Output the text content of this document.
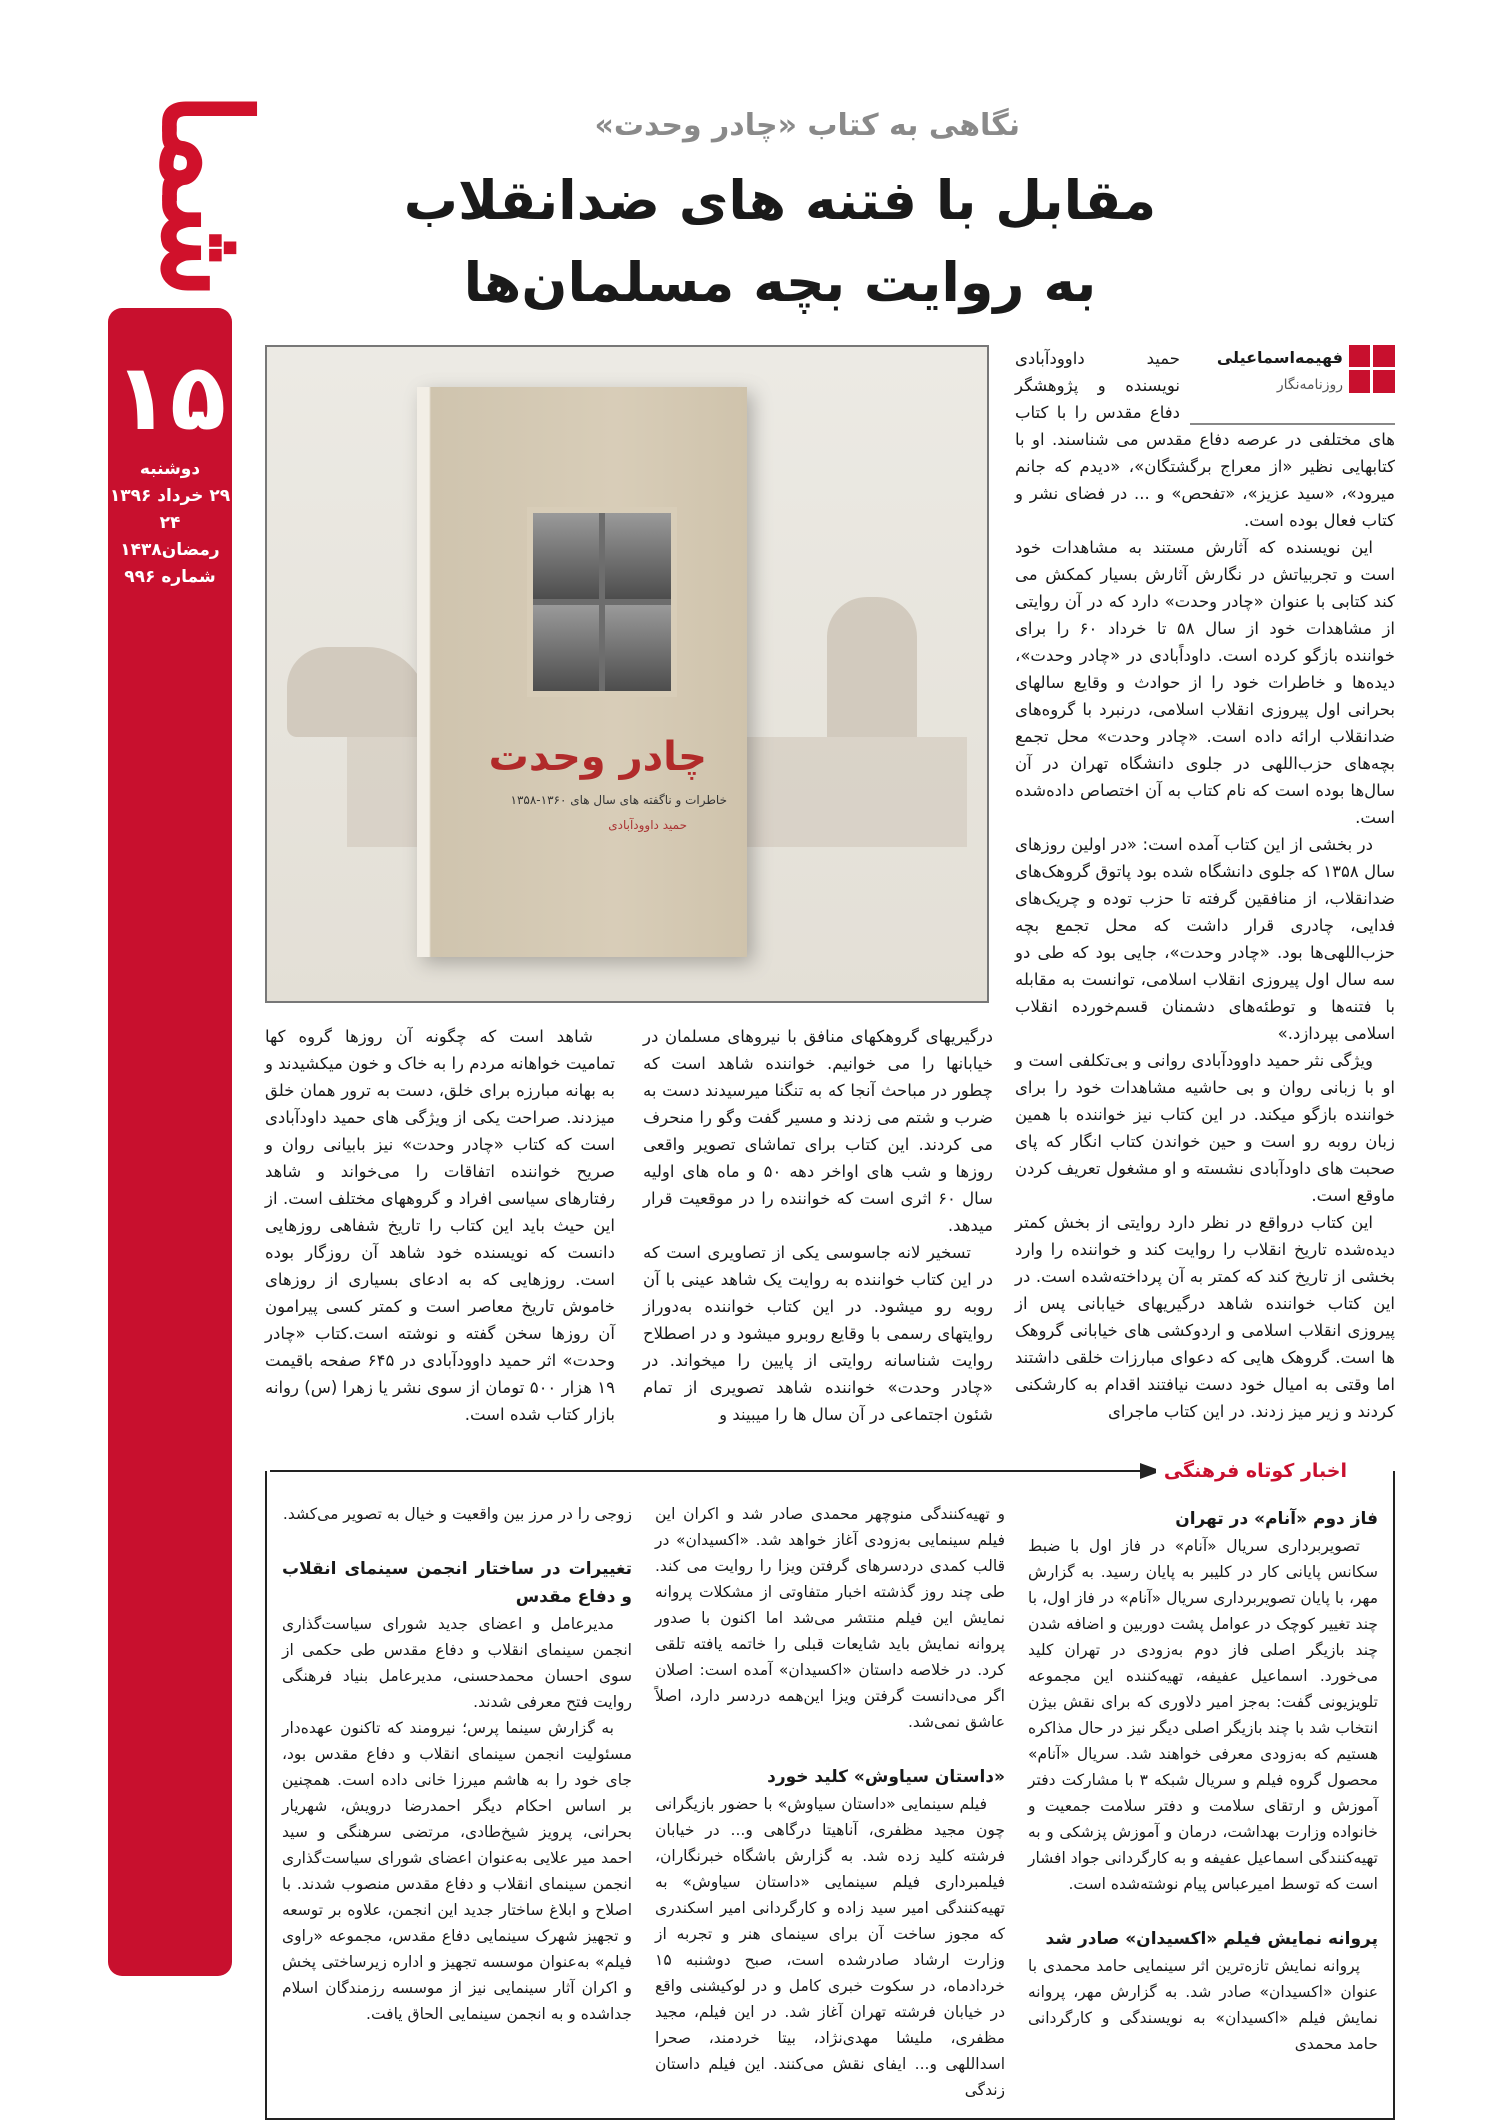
شما
۱۵
دوشنبه
۲۹ خرداد ۱۳۹۶
۲۴ رمضان۱۴۳۸
شماره ۹۹۶
نگاهی به کتاب «چادر وحدت»
مقابل با فتنه های ضدانقلاب
به روایت بچه مسلمان‌ها
فهیمه‌اسماعیلی
روزنامه‌نگار

حمید داوودآبادی نویسنده و پژوهشگر دفاع مقدس را با کتاب های مختلفی در عرصه دفاع مقدس می شناسند. او با کتابهایی نظیر «از معراج برگشتگان»، «دیدم که جانم میرود»، «سید عزیز»، «تفحص» و ... در فضای نشر و کتاب فعال بوده است.

این نویسنده که آثارش مستند به مشاهدات خود است و تجربیاتش در نگارش آثارش بسیار کمکش می کند کتابی با عنوان «چادر وحدت» دارد که در آن روایتی از مشاهدات خود از سال ۵۸ تا خرداد ۶۰ را برای خواننده بازگو کرده است. داوداًبادی در «چادر وحدت»، دیده‌ها و خاطرات خود را از حوادث و وقایع سالهای بحرانی اول پیروزی انقلاب اسلامی، درنبرد با گروه‌های ضدانقلاب ارائه داده است. «چادر وحدت» محل تجمع بچه‌های حزب‌اللهی در جلوی دانشگاه تهران در آن سال‌ها بوده است که نام کتاب به آن اختصاص داده‌شده است.

در بخشی از این کتاب آمده است: «در اولین روزهای سال ۱۳۵۸ که جلوی دانشگاه شده بود پاتوق گروهک‌های ضدانقلاب، از منافقین گرفته تا حزب توده و چریک‌های فدایی، چادری قرار داشت که محل تجمع بچه حزب‌اللهی‌ها بود. «چادر وحدت»، جایی بود که طی دو سه سال اول پیروزی انقلاب اسلامی، توانست به مقابله با فتنه‌ها و توطئه‌های دشمنان قسم‌خورده انقلاب اسلامی بپردازد.»

ویژگی نثر حمید داوودآبادی روانی و بی‌تکلفی است و او با زبانی روان و بی حاشیه مشاهدات خود را برای خواننده بازگو میکند. در این کتاب نیز خواننده با همین زبان روبه رو است و حین خواندن کتاب انگار که پای صحبت های داودآبادی نشسته و او مشغول تعریف کردن ماوقع است.

این کتاب درواقع در نظر دارد روایتی از بخش کمتر دیده‌شده تاریخ انقلاب را روایت کند و خواننده را وارد بخشی از تاریخ کند که کمتر به آن پرداخته‌شده است. در این کتاب خواننده شاهد درگیریهای خیابانی پس از پیروزی انقلاب اسلامی و اردوکشی های خیابانی گروهک ها است. گروهک هایی که دعوای مبارزات خلقی داشتند اما وقتی به امیال خود دست نیافتند اقدام به کارشکنی کردند و زیر میز زدند. در این کتاب ماجرای

چادر وحدت
خاطرات و ناگفته های سال های ۱۳۶۰-۱۳۵۸
حمید داوودآبادی

درگیریهای گروهکهای منافق با نیروهای مسلمان در خیابانها را می خوانیم. خواننده شاهد است که چطور در مباحث آنجا که به تنگنا میرسیدند دست به ضرب و شتم می زدند و مسیر گفت وگو را منحرف می کردند. این کتاب برای تماشای تصویر واقعی روزها و شب های اواخر دهه ۵۰ و ماه های اولیه سال ۶۰ اثری است که خواننده را در موقعیت قرار میدهد.

تسخیر لانه جاسوسی یکی از تصاویری است که در این کتاب خواننده به روایت یک شاهد عینی با آن روبه رو میشود. در این کتاب خواننده به‌دوراز روایتهای رسمی با وقایع روبرو میشود و در اصطلاح روایت شناسانه روایتی از پایین را میخواند. در «چادر وحدت» خواننده شاهد تصویری از تمام شئون اجتماعی در آن سال ها را میبیند و

شاهد است که چگونه آن روزها گروه کها تمامیت خواهانه مردم را به خاک و خون میکشیدند و به بهانه مبارزه برای خلق، دست به ترور همان خلق میزدند. صراحت یکی از ویژگی های حمید داودآبادی است که کتاب «چادر وحدت» نیز بابیانی روان و صریح خواننده اتفاقات را می‌خواند و شاهد رفتارهای سیاسی افراد و گروههای مختلف است. از این حیث باید این کتاب را تاریخ شفاهی روزهایی دانست که نویسنده خود شاهد آن روزگار بوده است. روزهایی که به ادعای بسیاری از روزهای خاموش تاریخ معاصر است و کمتر کسی پیرامون آن روزها سخن گفته و نوشته است.کتاب «چادر وحدت» اثر حمید داوودآبادی در ۶۴۵ صفحه باقیمت ۱۹ هزار ۵۰۰ تومان از سوی نشر یا زهرا (س) روانه بازار کتاب شده است.

اخبار کوتاه فرهنگی
فاز دوم «آنام» در تهران

تصویربرداری سریال «آنام» در فاز اول با ضبط سکانس پایانی کار در کلیبر به پایان رسید. به گزارش مهر، با پایان تصویربرداری سریال «آنام» در فاز اول، با چند تغییر کوچک در عوامل پشت دوربین و اضافه شدن چند بازیگر اصلی فاز دوم به‌زودی در تهران کلید می‌خورد. اسماعیل عفیفه، تهیه‌کننده این مجموعه تلویزیونی گفت: به‌جز امیر دلاوری که برای نقش بیژن انتخاب شد با چند بازیگر اصلی دیگر نیز در حال مذاکره هستیم که به‌زودی معرفی خواهند شد. سریال «آنام» محصول گروه فیلم و سریال شبکه ۳ با مشارکت دفتر آموزش و ارتقای سلامت و دفتر سلامت جمعیت و خانواده وزارت بهداشت، درمان و آموزش پزشکی و به تهیه‌کنندگی اسماعیل عفیفه و به کارگردانی جواد افشار است که توسط امیرعباس پیام نوشته‌شده است.

پروانه نمایش فیلم «اکسیدان» صادر شد

پروانه نمایش تازه‌ترین اثر سینمایی حامد محمدی با عنوان «اکسیدان» صادر شد. به گزارش مهر، پروانه نمایش فیلم «اکسیدان» به نویسندگی و کارگردانی حامد محمدی

و تهیه‌کنندگی منوچهر محمدی صادر شد و اکران این فیلم سینمایی به‌زودی آغاز خواهد شد. «اکسیدان» در قالب کمدی دردسرهای گرفتن ویزا را روایت می کند. طی چند روز گذشته اخبار متفاوتی از مشکلات پروانه نمایش این فیلم منتشر می‌شد اما اکنون با صدور پروانه نمایش باید شایعات قبلی را خاتمه یافته تلقی کرد. در خلاصه داستان «اکسیدان» آمده است: اصلان اگر می‌دانست گرفتن ویزا این‌همه دردسر دارد، اصلاً عاشق نمی‌شد.

«داستان سیاوش» کلید خورد

فیلم سینمایی «داستان سیاوش» با حضور بازیگرانی چون مجید مظفری، آناهیتا درگاهی و... در خیابان فرشته کلید زده شد. به گزارش باشگاه خبرنگاران، فیلمبرداری فیلم سینمایی «داستان سیاوش» به تهیه‌کنندگی امیر سید زاده و کارگردانی امیر اسکندری که مجوز ساخت آن برای سینمای هنر و تجربه از وزارت ارشاد صادرشده است، صبح دوشنبه ۱۵ خردادماه، در سکوت خبری کامل و در لوکیشنی واقع در خیابان فرشته تهران آغاز شد. در این فیلم، مجید مظفری، ملیشا مهدی‌نژاد، بیتا خردمند، صحرا اسداللهی و... ایفای نقش می‌کنند. این فیلم داستان زندگی

زوجی را در مرز بین واقعیت و خیال به تصویر می‌کشد.

تغییرات در ساختار انجمن سینمای انقلاب و دفاع مقدس

مدیرعامل و اعضای جدید شورای سیاست‌گذاری انجمن سینمای انقلاب و دفاع مقدس طی حکمی از سوی احسان محمدحسنی، مدیرعامل بنیاد فرهنگی روایت فتح معرفی شدند.

به گزارش سینما پرس؛ نیرومند که تاکنون عهده‌دار مسئولیت انجمن سینمای انقلاب و دفاع مقدس بود، جای خود را به هاشم میرزا خانی داده است. همچنین بر اساس احکام دیگر احمدرضا درویش، شهریار بحرانی، پرویز شیخ‌طادی، مرتضی سرهنگی و سید احمد میر علایی به‌عنوان اعضای شورای سیاست‌گذاری انجمن سینمای انقلاب و دفاع مقدس منصوب شدند. با اصلاح و ابلاغ ساختار جدید این انجمن، علاوه بر توسعه و تجهیز شهرک سینمایی دفاع مقدس، مجموعه «راوی فیلم» به‌عنوان موسسه تجهیز و اداره زیرساختی پخش و اکران آثار سینمایی نیز از موسسه رزمندگان اسلام جداشده و به انجمن سینمایی الحاق یافت.
